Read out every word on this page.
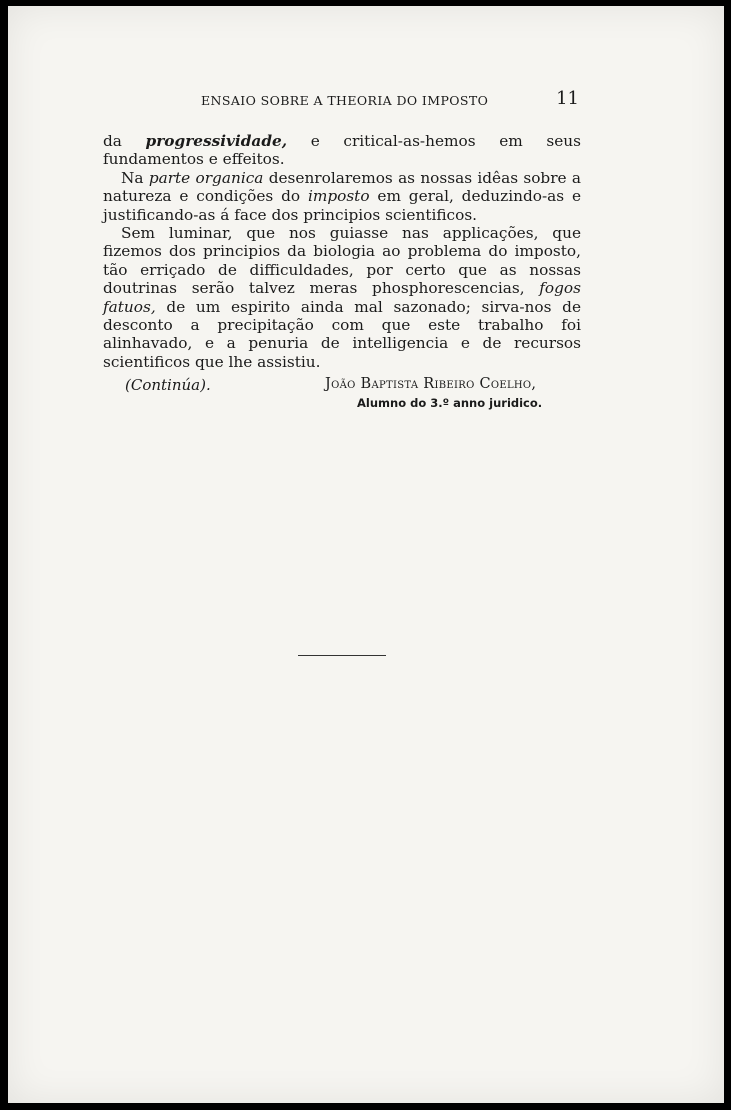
ENSAIO SOBRE A THEORIA DO IMPOSTO	11

da progressividade, e critical-as-hemos em seus fundamentos e effeitos.

Na parte organica desenrolaremos as nossas idêas sobre a natureza e condições do imposto em geral, deduzindo-as e justificando-as á face dos principios scientificos.

Sem luminar, que nos guiasse nas applicações, que fizemos dos principios da biologia ao problema do imposto, tão erriçado de difficuldades, por certo que as nossas doutrinas serão talvez meras phosphorescencias, fogos fatuos, de um espirito ainda mal sazonado; sirva-nos de desconto a precipitação com que este trabalho foi alinhavado, e a penuria de intelligencia e de recursos scientificos que lhe assistiu.

(Continúa).	João Baptista Ribeiro Coelho,
Alumno do 3.º anno juridico.
